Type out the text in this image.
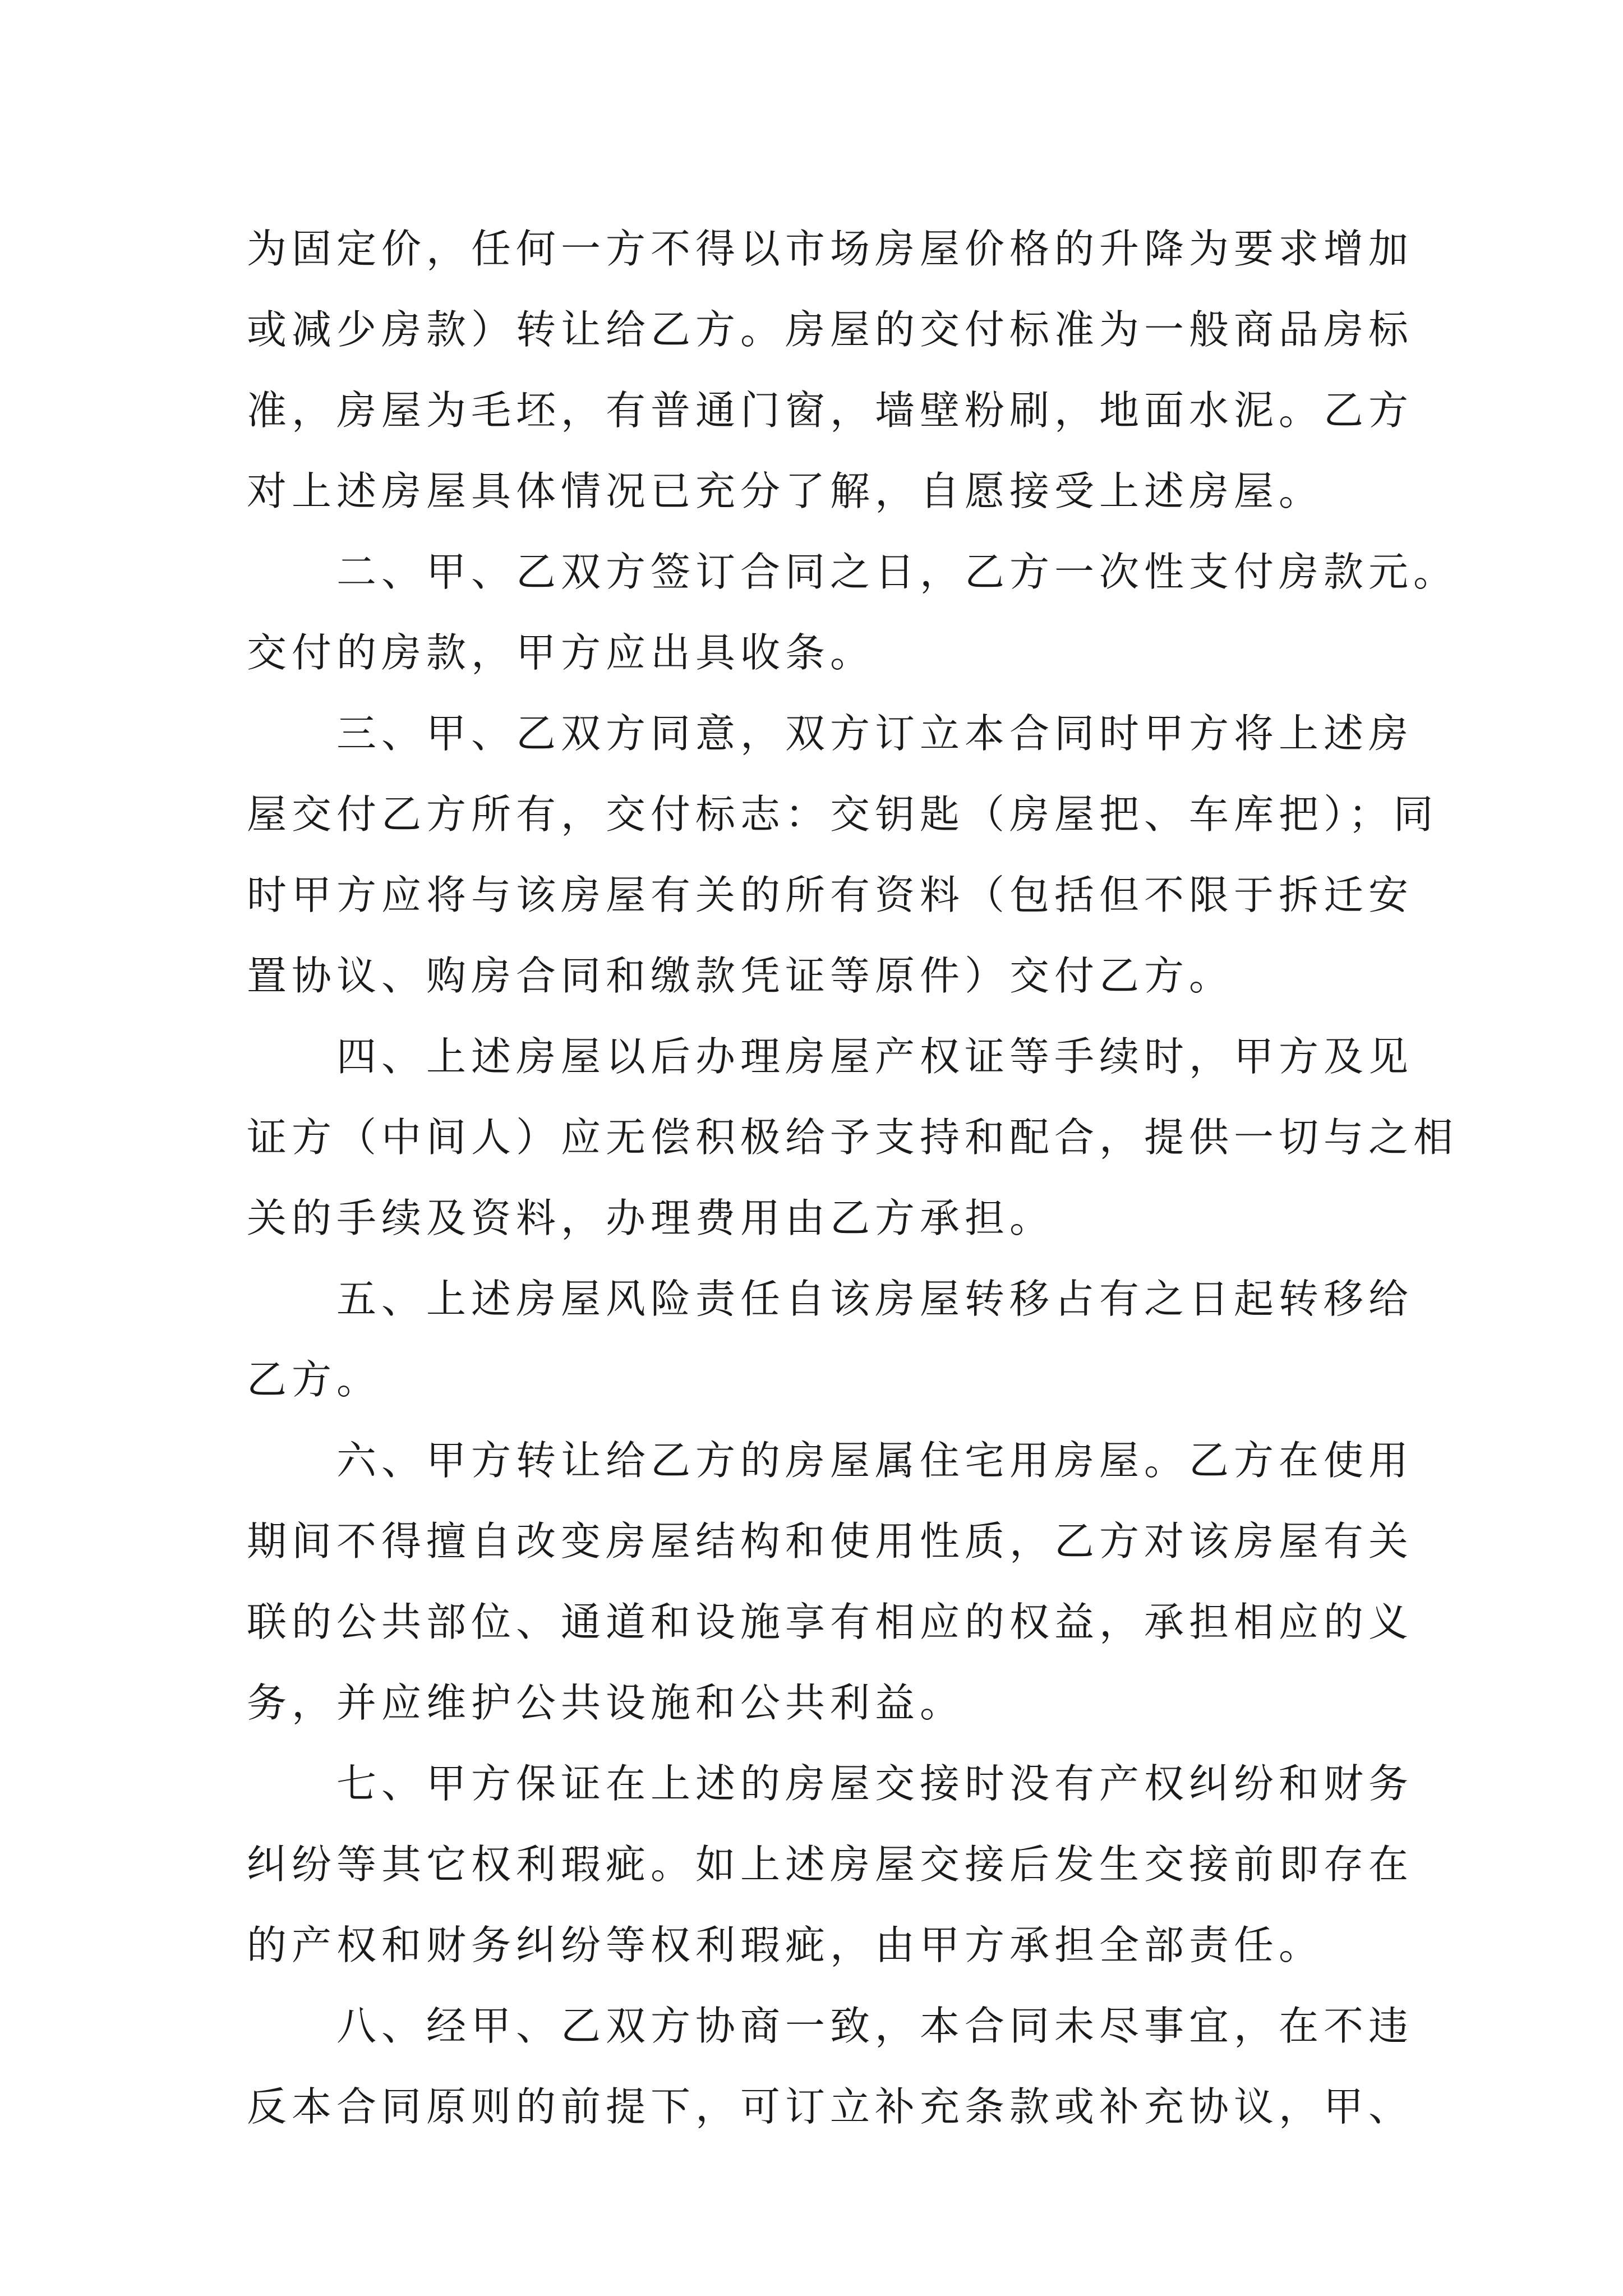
为固定价，任何一方不得以市场房屋价格的升降为要求增加
或减少房款）转让给乙方。房屋的交付标准为一般商品房标
准，房屋为毛坯，有普通门窗，墙壁粉刷，地面水泥。乙方
对上述房屋具体情况已充分了解，自愿接受上述房屋。
二、甲、乙双方签订合同之日，乙方一次性支付房款元。
交付的房款，甲方应出具收条。
三、甲、乙双方同意，双方订立本合同时甲方将上述房
屋交付乙方所有，交付标志：交钥匙（房屋把、车库把）；同
时甲方应将与该房屋有关的所有资料（包括但不限于拆迁安
置协议、购房合同和缴款凭证等原件）交付乙方。
四、上述房屋以后办理房屋产权证等手续时，甲方及见
证方（中间人）应无偿积极给予支持和配合，提供一切与之相
关的手续及资料，办理费用由乙方承担。
五、上述房屋风险责任自该房屋转移占有之日起转移给
乙方。
六、甲方转让给乙方的房屋属住宅用房屋。乙方在使用
期间不得擅自改变房屋结构和使用性质，乙方对该房屋有关
联的公共部位、通道和设施享有相应的权益，承担相应的义
务，并应维护公共设施和公共利益。
七、甲方保证在上述的房屋交接时没有产权纠纷和财务
纠纷等其它权利瑕疵。如上述房屋交接后发生交接前即存在
的产权和财务纠纷等权利瑕疵，由甲方承担全部责任。
八、经甲、乙双方协商一致，本合同未尽事宜，在不违
反本合同原则的前提下，可订立补充条款或补充协议，甲、
